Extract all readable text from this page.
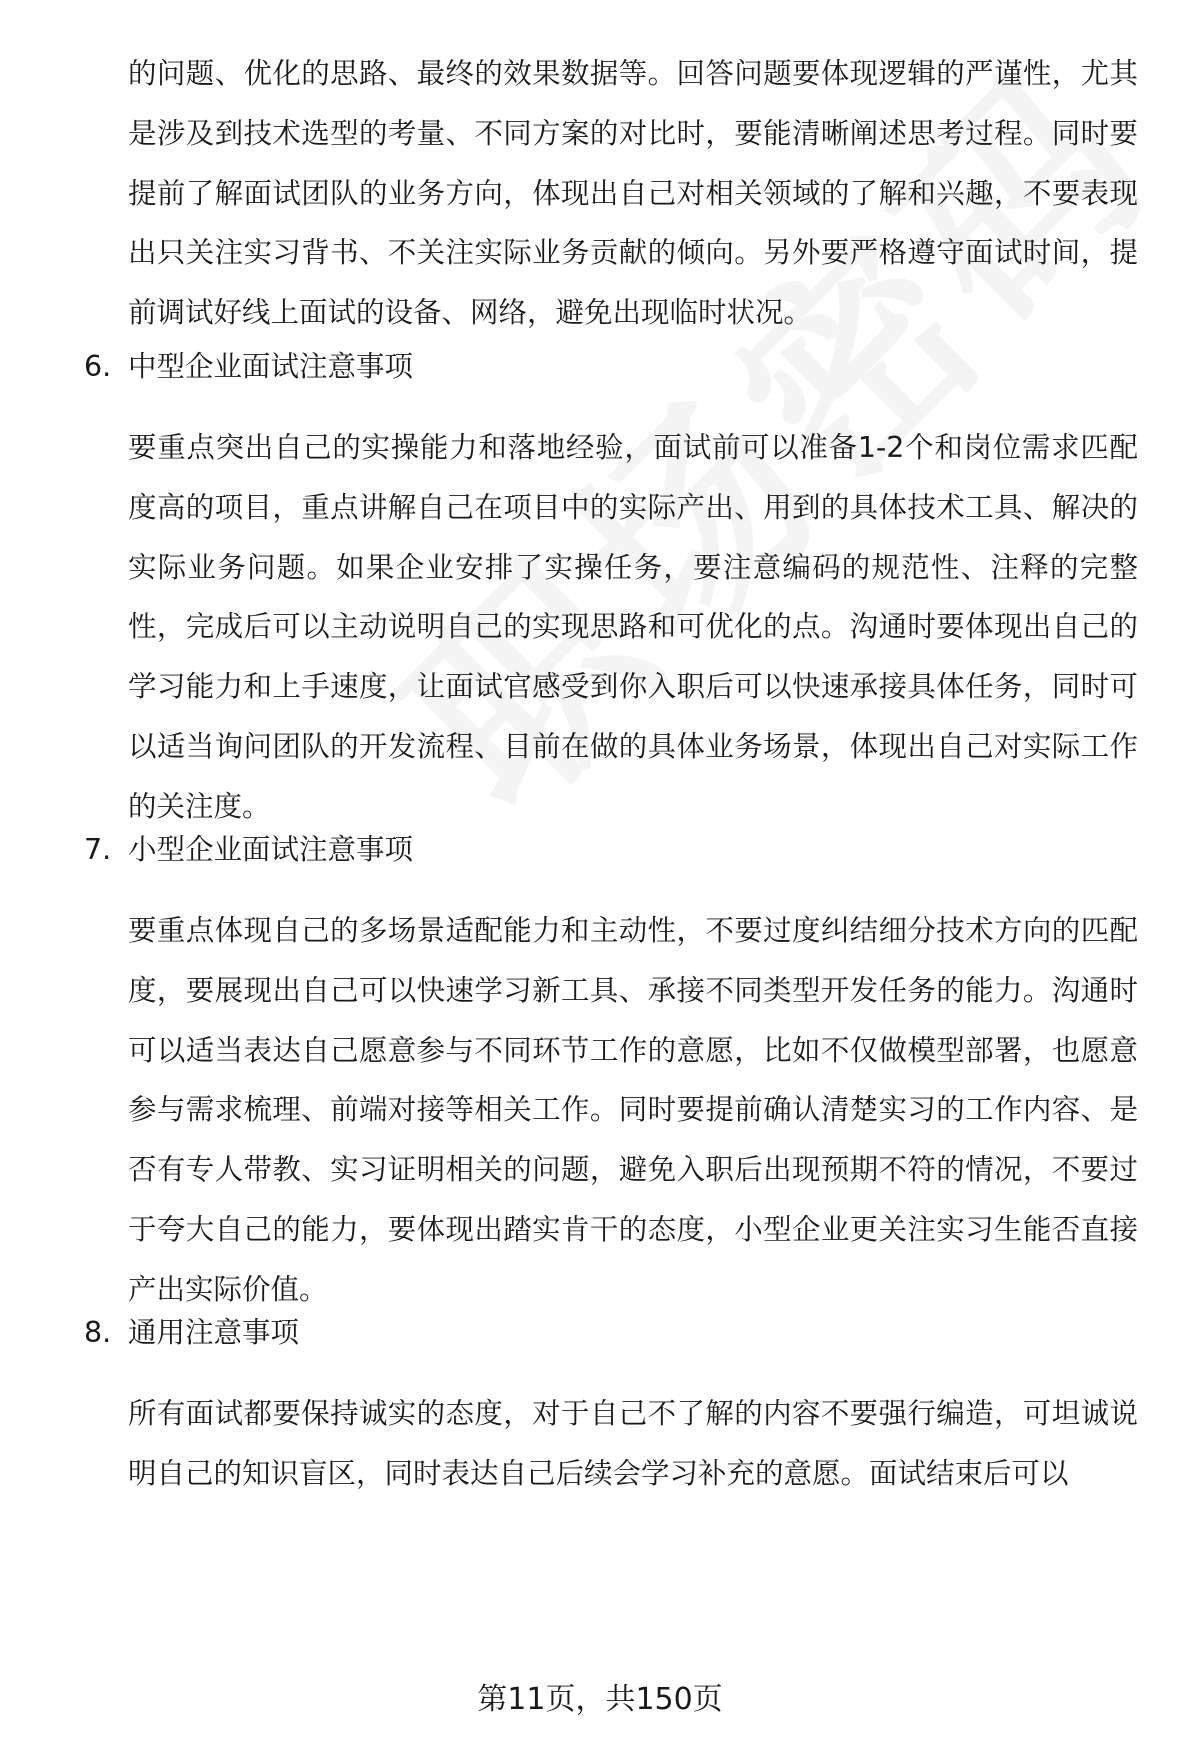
的问题、优化的思路、最终的效果数据等。回答问题要体现逻辑的严谨性，尤其是涉及到技术选型的考量、不同方案的对比时，要能清晰阐述思考过程。同时要提前了解面试团队的业务方向，体现出自己对相关领域的了解和兴趣，不要表现出只关注实习背书、不关注实际业务贡献的倾向。另外要严格遵守面试时间，提前调试好线上面试的设备、网络，避免出现临时状况。

6. 中型企业面试注意事项

要重点突出自己的实操能力和落地经验，面试前可以准备1-2个和岗位需求匹配度高的项目，重点讲解自己在项目中的实际产出、用到的具体技术工具、解决的实际业务问题。如果企业安排了实操任务，要注意编码的规范性、注释的完整性，完成后可以主动说明自己的实现思路和可优化的点。沟通时要体现出自己的学习能力和上手速度，让面试官感受到你入职后可以快速承接具体任务，同时可以适当询问团队的开发流程、目前在做的具体业务场景，体现出自己对实际工作的关注度。

7. 小型企业面试注意事项

要重点体现自己的多场景适配能力和主动性，不要过度纠结细分技术方向的匹配度，要展现出自己可以快速学习新工具、承接不同类型开发任务的能力。沟通时可以适当表达自己愿意参与不同环节工作的意愿，比如不仅做模型部署，也愿意参与需求梳理、前端对接等相关工作。同时要提前确认清楚实习的工作内容、是否有专人带教、实习证明相关的问题，避免入职后出现预期不符的情况，不要过于夸大自己的能力，要体现出踏实肯干的态度，小型企业更关注实习生能否直接产出实际价值。

8. 通用注意事项

所有面试都要保持诚实的态度，对于自己不了解的内容不要强行编造，可坦诚说明自己的知识盲区，同时表达自己后续会学习补充的意愿。面试结束后可以

第11页，共150页
